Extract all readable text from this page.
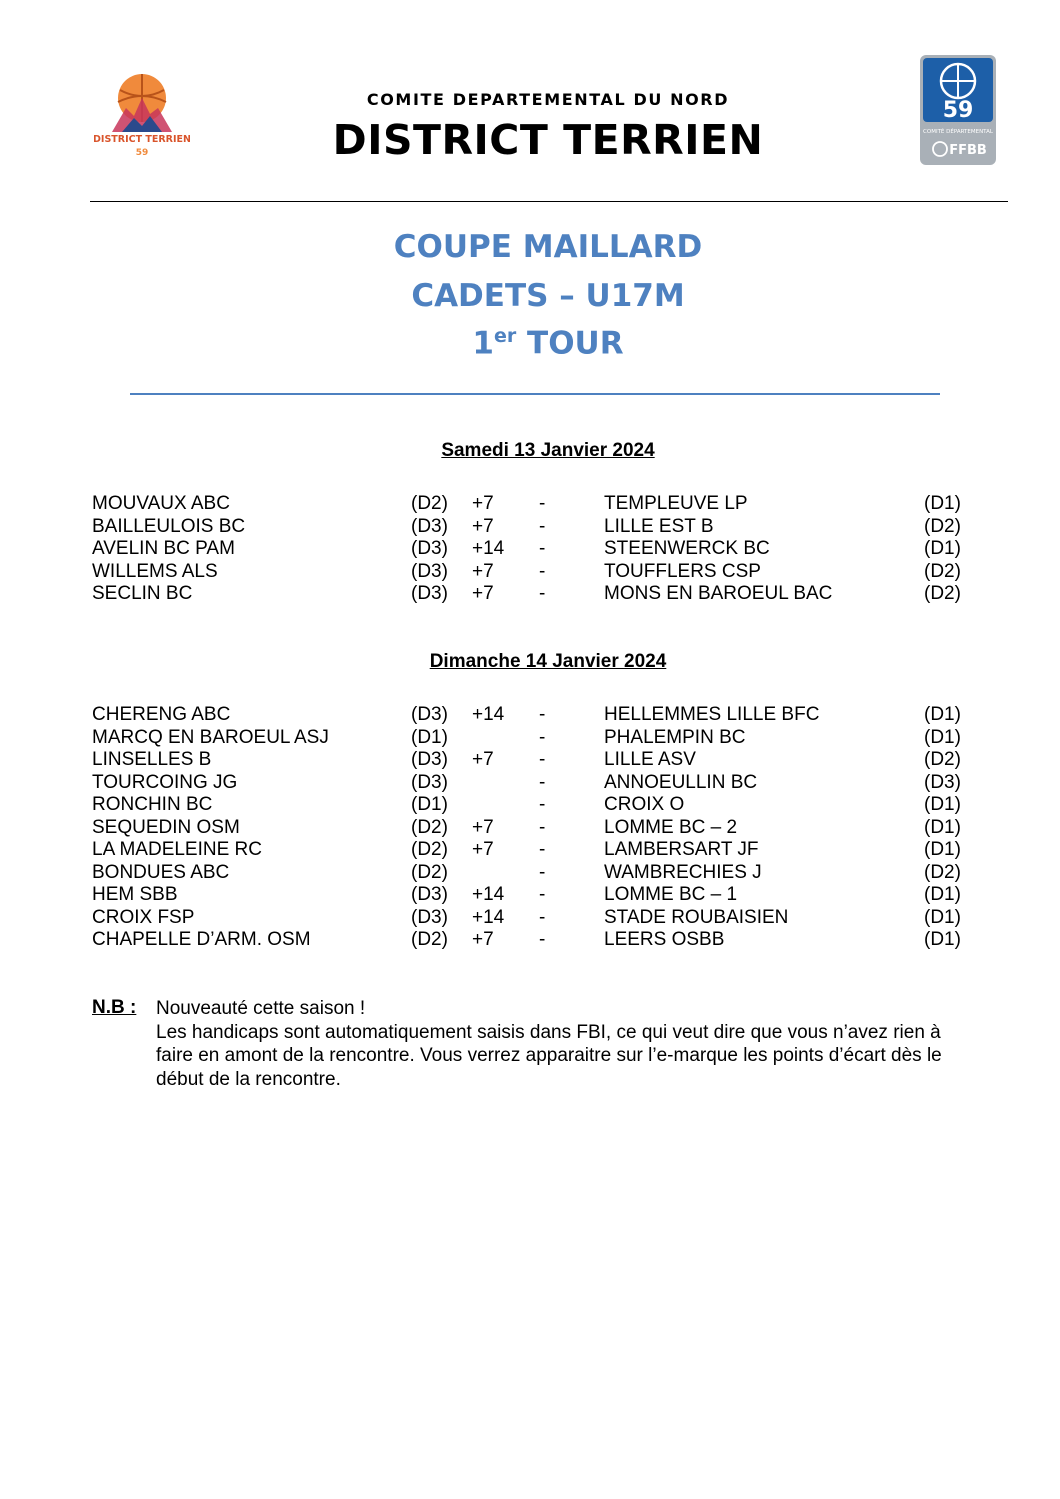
DISTRICT TERRIEN
59
59
COMITÉ DÉPARTEMENTAL
FFBB
COMITE DEPARTEMENTAL DU NORD
DISTRICT TERRIEN
COUPE MAILLARD
CADETS – U17M
1er TOUR
Samedi 13 Janvier 2024
MOUVAUX ABC	(D2) +7 -	TEMPLEUVE LP	(D1)
BAILLEULOIS BC	(D3) +7 -	LILLE EST B	(D2)
AVELIN BC PAM	(D3) +14 -	STEENWERCK BC	(D1)
WILLEMS ALS	(D3) +7 -	TOUFFLERS CSP	(D2)
SECLIN BC	(D3) +7 -	MONS EN BAROEUL BAC	(D2)
Dimanche 14 Janvier 2024
CHERENG ABC	(D3) +14 -	HELLEMMES LILLE BFC	(D1)
MARCQ EN BAROEUL ASJ	(D1)	-	PHALEMPIN BC	(D1)
LINSELLES B	(D3) +7 -	LILLE ASV	(D2)
TOURCOING JG	(D3)	-	ANNOEULLIN BC	(D3)
RONCHIN BC	(D1)	-	CROIX O	(D1)
SEQUEDIN OSM	(D2) +7 -	LOMME BC – 2	(D1)
LA MADELEINE RC	(D2) +7 -	LAMBERSART JF	(D1)
BONDUES ABC	(D2)	-	WAMBRECHIES J	(D2)
HEM SBB	(D3) +14 -	LOMME BC – 1	(D1)
CROIX FSP	(D3) +14 -	STADE ROUBAISIEN	(D1)
CHAPELLE D’ARM. OSM	(D2) +7 -	LEERS OSBB	(D1)
N.B : Nouveauté cette saison !
Les handicaps sont automatiquement saisis dans FBI, ce qui veut dire que vous n’avez rien à
faire en amont de la rencontre. Vous verrez apparaitre sur l’e-marque les points d’écart dès le
début de la rencontre.
